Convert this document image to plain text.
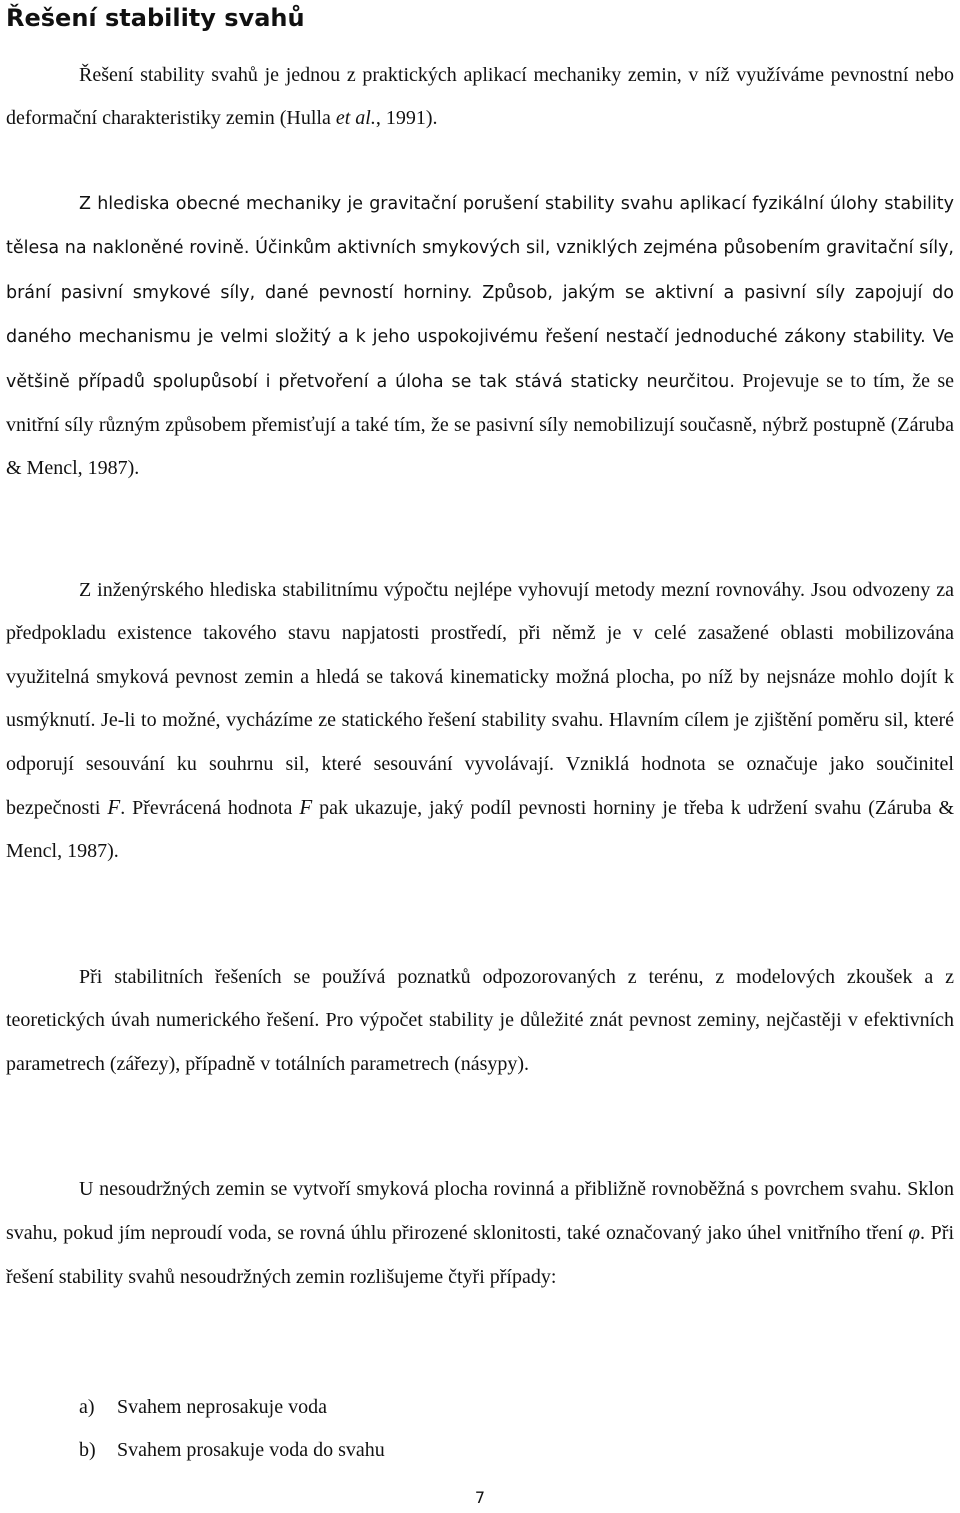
Řešení stability svahů

Řešení stability svahů je jednou z praktických aplikací mechaniky zemin, v níž využíváme pevnostní nebo deformační charakteristiky zemin (Hulla et al., 1991).

Z hlediska obecné mechaniky je gravitační porušení stability svahu aplikací fyzikální úlohy stability tělesa na nakloněné rovině. Účinkům aktivních smykových sil, vzniklých zejména působením gravitační síly, brání pasivní smykové síly, dané pevností horniny. Způsob, jakým se aktivní a pasivní síly zapojují do daného mechanismu je velmi složitý a k jeho uspokojivému řešení nestačí jednoduché zákony stability. Ve většině případů spolupůsobí i přetvoření a úloha se tak stává staticky neurčitou. Projevuje se to tím, že se vnitřní síly různým způsobem přemisťují a také tím, že se pasivní síly nemobilizují současně, nýbrž postupně (Záruba & Mencl, 1987).

Z inženýrského hlediska stabilitnímu výpočtu nejlépe vyhovují metody mezní rovnováhy. Jsou odvozeny za předpokladu existence takového stavu napjatosti prostředí, při němž je v celé zasažené oblasti mobilizována využitelná smyková pevnost zemin a hledá se taková kinematicky možná plocha, po níž by nejsnáze mohlo dojít k usmýknutí. Je-li to možné, vycházíme ze statického řešení stability svahu. Hlavním cílem je zjištění poměru sil, které odporují sesouvání ku souhrnu sil, které sesouvání vyvolávají. Vzniklá hodnota se označuje jako součinitel bezpečnosti F. Převrácená hodnota F pak ukazuje, jaký podíl pevnosti horniny je třeba k udržení svahu (Záruba & Mencl, 1987).

Při stabilitních řešeních se používá poznatků odpozorovaných z terénu, z modelových zkoušek a z teoretických úvah numerického řešení. Pro výpočet stability je důležité znát pevnost zeminy, nejčastěji v efektivních parametrech (zářezy), případně v totálních parametrech (násypy).

U nesoudržných zemin se vytvoří smyková plocha rovinná a přibližně rovnoběžná s povrchem svahu. Sklon svahu, pokud jím neproudí voda, se rovná úhlu přirozené sklonitosti, také označovaný jako úhel vnitřního tření φ. Při řešení stability svahů nesoudržných zemin rozlišujeme čtyři případy:

a)	Svahem neprosakuje voda
b)	Svahem prosakuje voda do svahu
7
